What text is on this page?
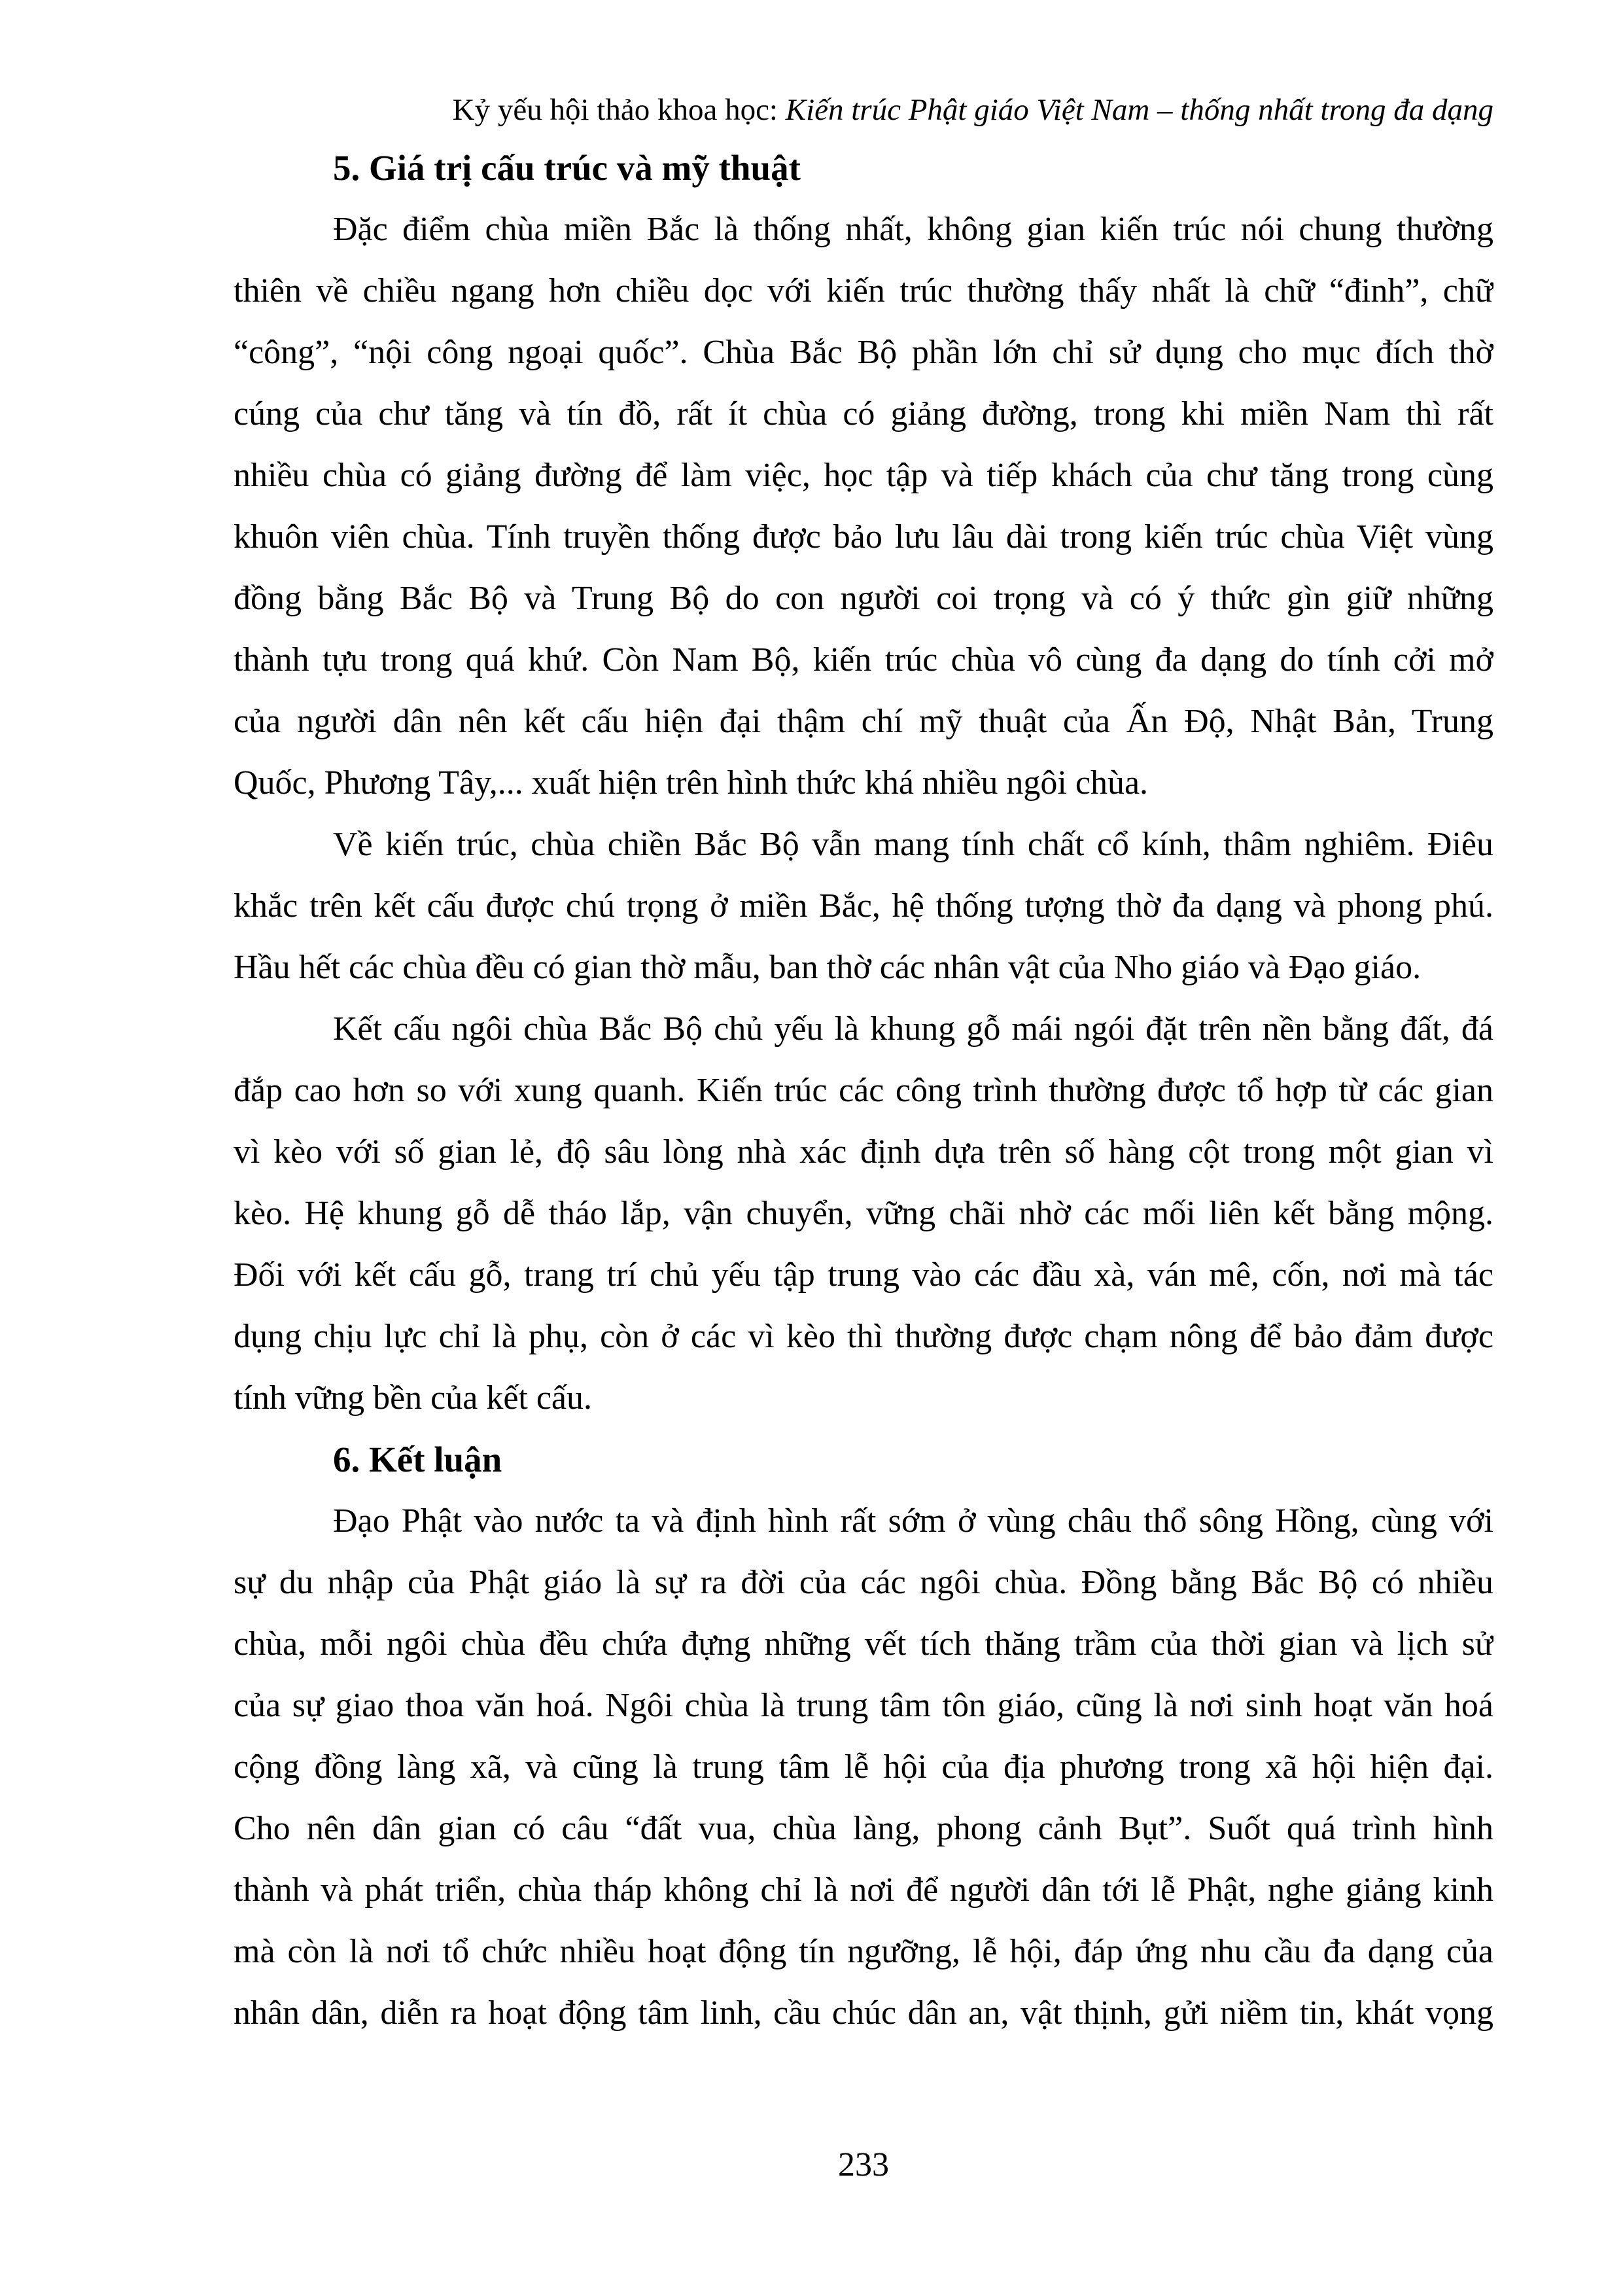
Kỷ yếu hội thảo khoa học: Kiến trúc Phật giáo Việt Nam – thống nhất trong đa dạng
5. Giá trị cấu trúc và mỹ thuật
Đặc điểm chùa miền Bắc là thống nhất, không gian kiến trúc nói chung thường
thiên về chiều ngang hơn chiều dọc với kiến trúc thường thấy nhất là chữ “đinh”, chữ
“công”, “nội công ngoại quốc”. Chùa Bắc Bộ phần lớn chỉ sử dụng cho mục đích thờ
cúng của chư tăng và tín đồ, rất ít chùa có giảng đường, trong khi miền Nam thì rất
nhiều chùa có giảng đường để làm việc, học tập và tiếp khách của chư tăng trong cùng
khuôn viên chùa. Tính truyền thống được bảo lưu lâu dài trong kiến trúc chùa Việt vùng
đồng bằng Bắc Bộ và Trung Bộ do con người coi trọng và có ý thức gìn giữ những
thành tựu trong quá khứ. Còn Nam Bộ, kiến trúc chùa vô cùng đa dạng do tính cởi mở
của người dân nên kết cấu hiện đại thậm chí mỹ thuật của Ấn Độ, Nhật Bản, Trung
Quốc, Phương Tây,... xuất hiện trên hình thức khá nhiều ngôi chùa.
Về kiến trúc, chùa chiền Bắc Bộ vẫn mang tính chất cổ kính, thâm nghiêm. Điêu
khắc trên kết cấu được chú trọng ở miền Bắc, hệ thống tượng thờ đa dạng và phong phú.
Hầu hết các chùa đều có gian thờ mẫu, ban thờ các nhân vật của Nho giáo và Đạo giáo.
Kết cấu ngôi chùa Bắc Bộ chủ yếu là khung gỗ mái ngói đặt trên nền bằng đất, đá
đắp cao hơn so với xung quanh. Kiến trúc các công trình thường được tổ hợp từ các gian
vì kèo với số gian lẻ, độ sâu lòng nhà xác định dựa trên số hàng cột trong một gian vì
kèo. Hệ khung gỗ dễ tháo lắp, vận chuyển, vững chãi nhờ các mối liên kết bằng mộng.
Đối với kết cấu gỗ, trang trí chủ yếu tập trung vào các đầu xà, ván mê, cốn, nơi mà tác
dụng chịu lực chỉ là phụ, còn ở các vì kèo thì thường được chạm nông để bảo đảm được
tính vững bền của kết cấu.
6. Kết luận
Đạo Phật vào nước ta và định hình rất sớm ở vùng châu thổ sông Hồng, cùng với
sự du nhập của Phật giáo là sự ra đời của các ngôi chùa. Đồng bằng Bắc Bộ có nhiều
chùa, mỗi ngôi chùa đều chứa đựng những vết tích thăng trầm của thời gian và lịch sử
của sự giao thoa văn hoá. Ngôi chùa là trung tâm tôn giáo, cũng là nơi sinh hoạt văn hoá
cộng đồng làng xã, và cũng là trung tâm lễ hội của địa phương trong xã hội hiện đại.
Cho nên dân gian có câu “đất vua, chùa làng, phong cảnh Bụt”. Suốt quá trình hình
thành và phát triển, chùa tháp không chỉ là nơi để người dân tới lễ Phật, nghe giảng kinh
mà còn là nơi tổ chức nhiều hoạt động tín ngưỡng, lễ hội, đáp ứng nhu cầu đa dạng của
nhân dân, diễn ra hoạt động tâm linh, cầu chúc dân an, vật thịnh, gửi niềm tin, khát vọng
233
